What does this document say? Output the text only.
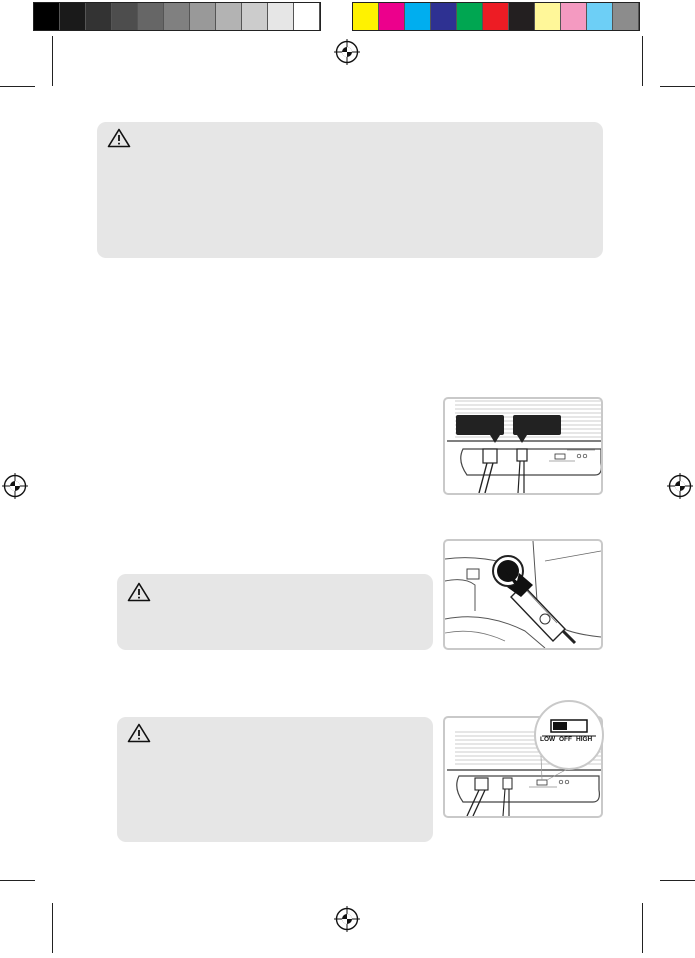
LOW OFF HIGH
